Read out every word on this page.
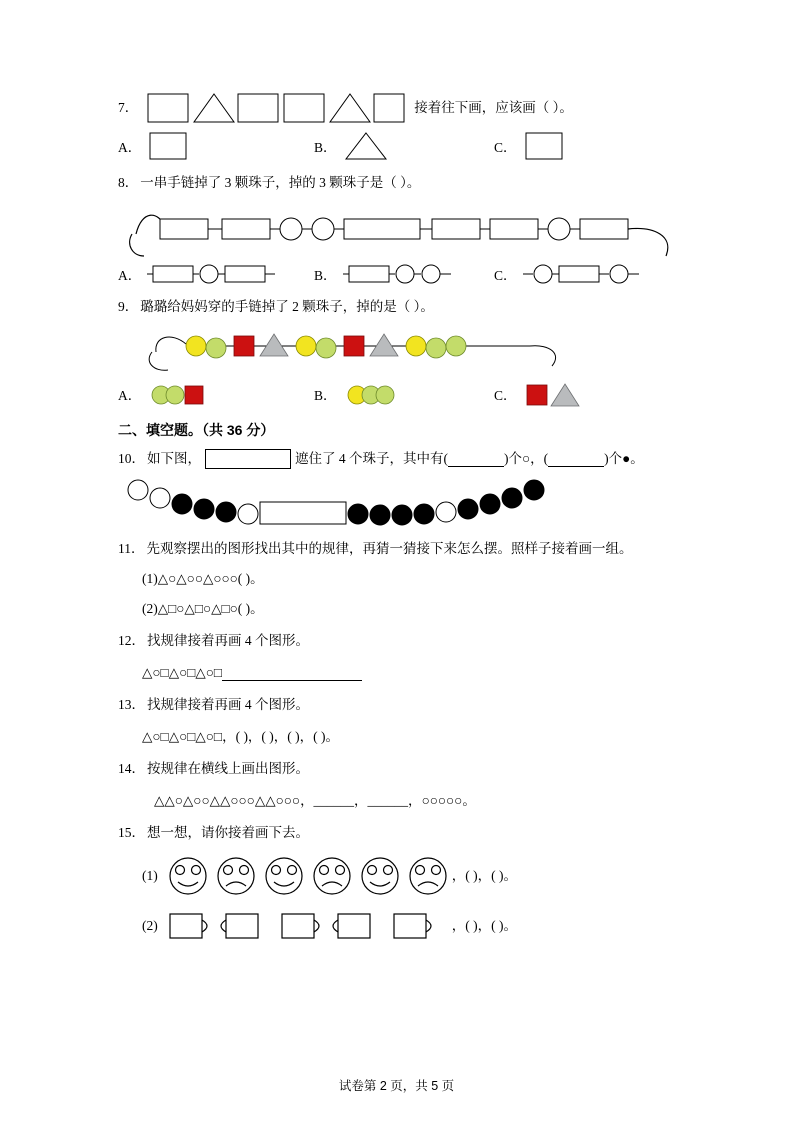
7．	接着往下画，应该画（ ）。
A．	B．	C．
8． 一串手链掉了 3 颗珠子，掉的 3 颗珠子是（ ）。
A．	B．	C．
9． 璐璐给妈妈穿的手链掉了 2 颗珠子，掉的是（ ）。
A．	B．	C．
二、填空题。（共 36 分）
10． 如下图，	遮住了 4 个珠子，其中有(	)个○，(	)个●。
11． 先观察摆出的图形找出其中的规律，再猜一猜接下来怎么摆。照样子接着画一组。
(1)△○△○○△○○○( )。
(2)△□○△□○△□○( )。
12． 找规律接着再画 4 个图形。
△○□△○□△○□
13． 找规律接着再画 4 个图形。
△○□△○□△○□，( )，( )，( )，( )。
14． 按规律在横线上画出图形。
△△○△○○△△○○○△△○○○ ，______，______， ○○○○○ 。
15． 想一想，请你接着画下去。
(1)	，( )，( )。
(2)	，( )，( )。
试卷第 2 页，共 5 页
